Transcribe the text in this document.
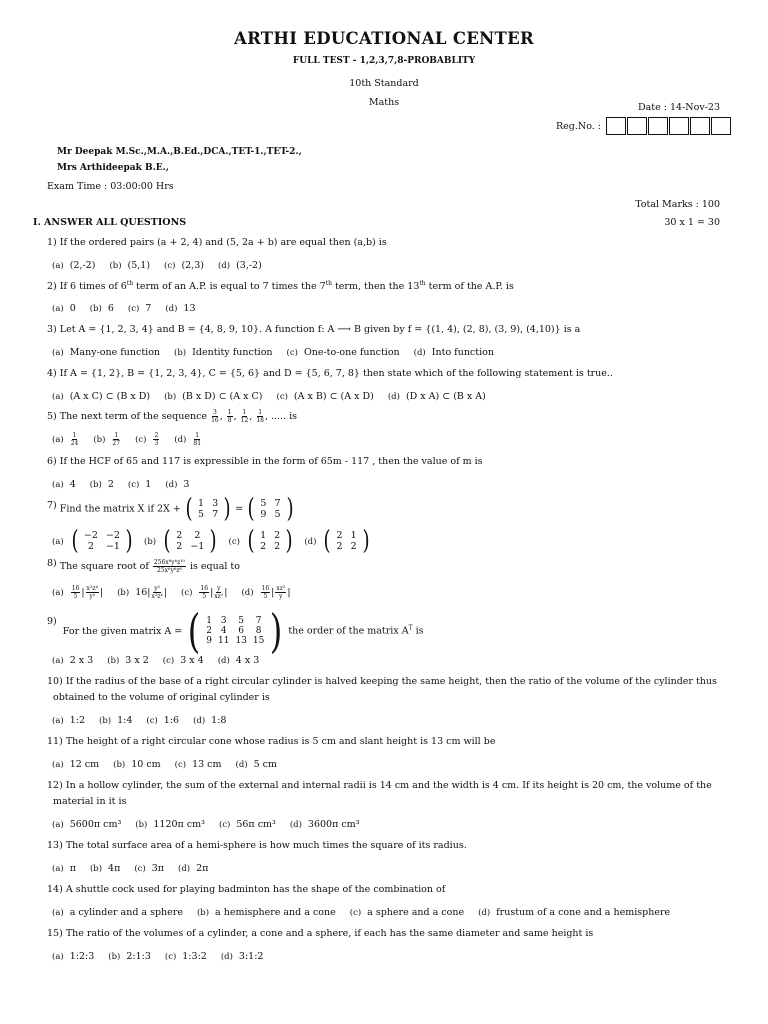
ARTHI EDUCATIONAL CENTER
FULL TEST - 1,2,3,7,8-PROBABLITY
10th Standard
Maths	Date : 14-Nov-23
Reg.No. :
Mr Deepak M.Sc.,M.A.,B.Ed.,DCA.,TET-1.,TET-2.,
Mrs Arthideepak B.E.,
Exam Time : 03:00:00 Hrs
Total Marks : 100
I. ANSWER ALL QUESTIONS	30 x 1 = 30
1) If the ordered pairs (a + 2, 4) and (5, 2a + b) are equal then (a,b) is
(a) (2,-2) (b) (5,1) (c) (2,3) (d) (3,-2)
2) If 6 times of 6th term of an A.P. is equal to 7 times the 7th term, then the 13th term of the A.P. is
(a) 0 (b) 6 (c) 7 (d) 13
3) Let A = {1, 2, 3, 4} and B = {4, 8, 9, 10}. A function f: A ⟶ B given by f = {(1, 4), (2, 8), (3, 9), (4,10)} is a
(a) Many-one function (b) Identity function (c) One-to-one function (d) Into function
4) If A = {1, 2}, B = {1, 2, 3, 4}, C = {5, 6} and D = {5, 6, 7, 8} then state which of the following statement is true..
(a) (A x C) ⊂ (B x D) (b) (B x D) ⊂ (A x C) (c) (A x B) ⊂ (A x D) (d) (D x A) ⊂ (B x A)
5) The next term of the sequence $\frac{3}{16}$ , $\frac{1}{8}$ , $\frac{1}{12}$ , $\frac{1}{18}$ , ..... is
$(a) \frac{1}{24} (b) \frac{1}{27} (c) \frac{2}{3} (d) \frac{1}{81}$
6) If the HCF of 65 and 117 is expressible in the form of 65m - 117 , then the value of m is
(a) 4 (b) 2 (c) 1 (d) 3
7) Find the matrix X if 2X + ( 1	3
5	7 ) = ( 5	7
9	5 )
(a) ( −2	−2
2	−1 ) (b) ( 2	2
2	−1 ) (c) ( 1	2
2	2 ) (d) ( 2	1
2	2 )
8) The square root of $\frac{\text{256x⁸y⁴z¹⁰}}{\text{25x⁶y⁶z⁶}}$ is equal to
$(a) \frac{16}{5}$ | $\frac{\text{x²z⁴}}{\text{y²}}$ | (b) $16| \frac{\text{y²}}{\text{x²z⁴}}$ | $(c) \frac{16}{5}$ | $\frac{y}{\text{xz²}}$ | $(d) \frac{16}{5}$ | $\frac{\text{xz²}}{y}$ |
9) For the given matrix A = ( 1	3	5	7
2	4	6	8
9	11	13	15 ) the order of the matrix $A^T$ is
(a) 2 x 3 (b) 3 x 2 (c) 3 x 4 (d) 4 x 3
10) If the radius of the base of a right circular cylinder is halved keeping the same height, then the ratio of the volume of the cylinder thus
obtained to the volume of original cylinder is
(a) 1:2 (b) 1:4 (c) 1:6 (d) 1:8
11) The height of a right circular cone whose radius is 5 cm and slant height is 13 cm will be
(a) 12 cm (b) 10 cm (c) 13 cm (d) 5 cm
12) In a hollow cylinder, the sum of the external and internal radii is 14 cm and the width is 4 cm. If its height is 20 cm, the volume of the
material in it is
(a) 5600π cm³ (b) 1120π cm³ (c) 56π cm³ (d) 3600π cm³
13) The total surface area of a hemi-sphere is how much times the square of its radius.
(a) π (b) 4π (c) 3π (d) 2π
14) A shuttle cock used for playing badminton has the shape of the combination of
(a) a cylinder and a sphere (b) a hemisphere and a cone (c) a sphere and a cone (d) frustum of a cone and a hemisphere
15) The ratio of the volumes of a cylinder, a cone and a sphere, if each has the same diameter and same height is
(a) 1:2:3 (b) 2:1:3 (c) 1:3:2 (d) 3:1:2
